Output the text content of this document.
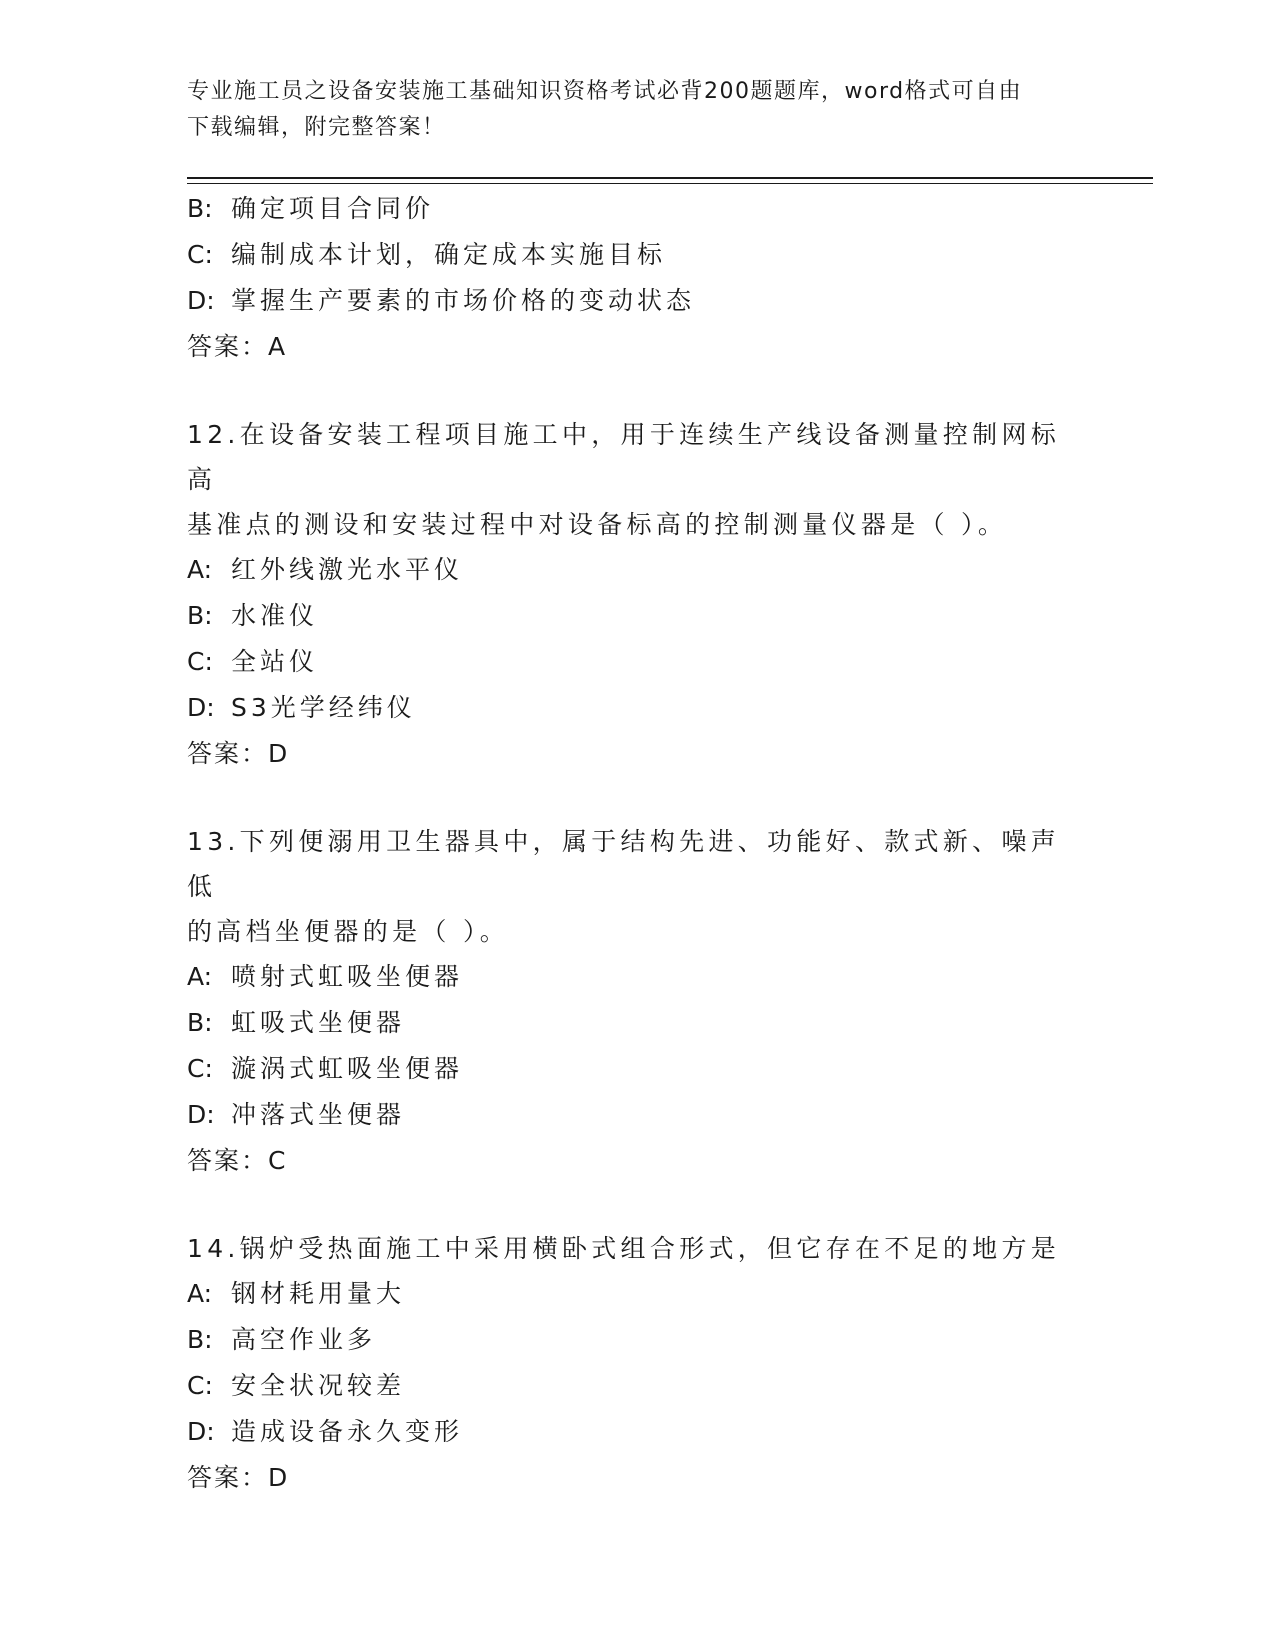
专业施工员之设备安装施工基础知识资格考试必背200题题库，word格式可自由
下载编辑，附完整答案！
B: 确定项目合同价
C: 编制成本计划，确定成本实施目标
D: 掌握生产要素的市场价格的变动状态
答案：A
12.在设备安装工程项目施工中，用于连续生产线设备测量控制网标高
基准点的测设和安装过程中对设备标高的控制测量仪器是（ ）。
A: 红外线激光水平仪
B: 水准仪
C: 全站仪
D: S3光学经纬仪
答案：D
13.下列便溺用卫生器具中，属于结构先进、功能好、款式新、噪声低
的高档坐便器的是（ ）。
A: 喷射式虹吸坐便器
B: 虹吸式坐便器
C: 漩涡式虹吸坐便器
D: 冲落式坐便器
答案：C
14.锅炉受热面施工中采用横卧式组合形式，但它存在不足的地方是
A: 钢材耗用量大
B: 高空作业多
C: 安全状况较差
D: 造成设备永久变形
答案：D
